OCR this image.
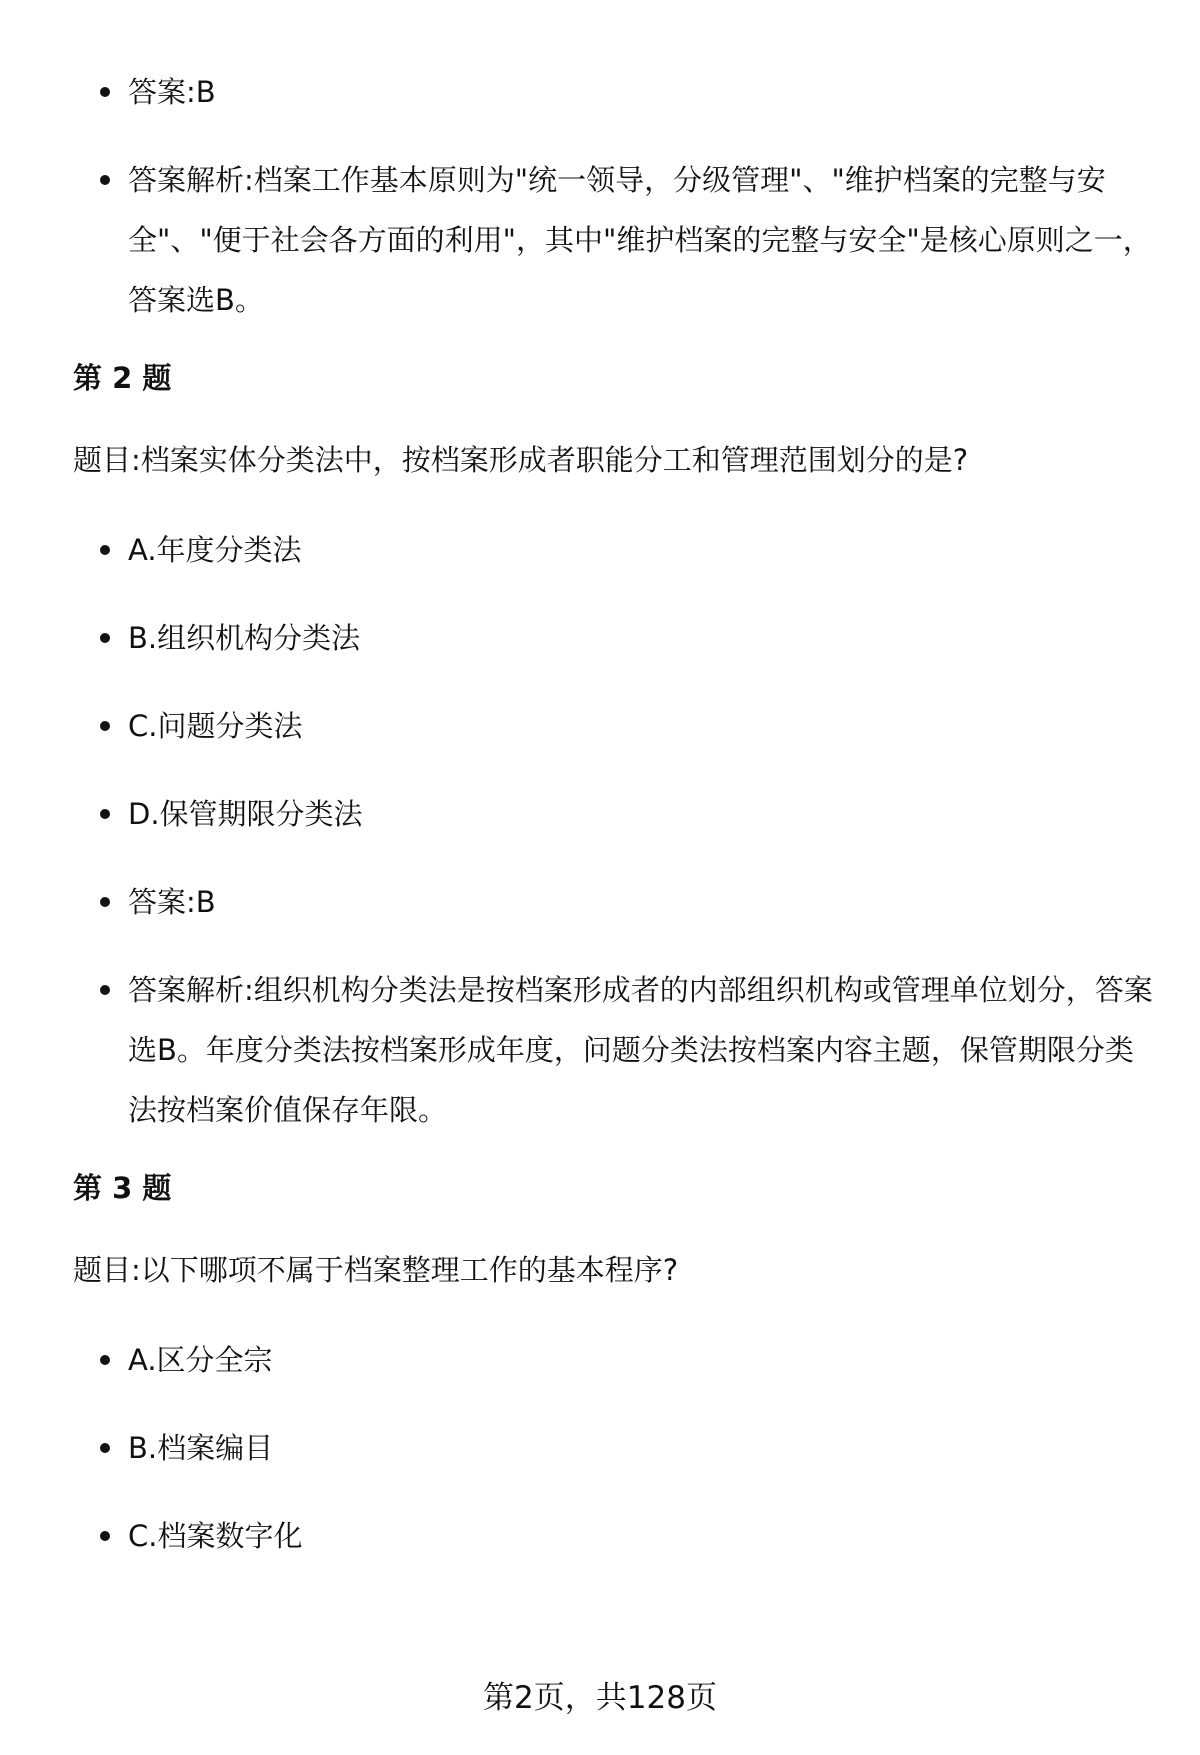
答案:B
答案解析:档案工作基本原则为"统一领导，分级管理"、"维护档案的完整与安全"、"便于社会各方面的利用"，其中"维护档案的完整与安全"是核心原则之一，答案选B。
第 2 题
题目:档案实体分类法中，按档案形成者职能分工和管理范围划分的是?
A.年度分类法
B.组织机构分类法
C.问题分类法
D.保管期限分类法
答案:B
答案解析:组织机构分类法是按档案形成者的内部组织机构或管理单位划分，答案选B。年度分类法按档案形成年度，问题分类法按档案内容主题，保管期限分类法按档案价值保存年限。
第 3 题
题目:以下哪项不属于档案整理工作的基本程序?
A.区分全宗
B.档案编目
C.档案数字化
第2页，共128页
